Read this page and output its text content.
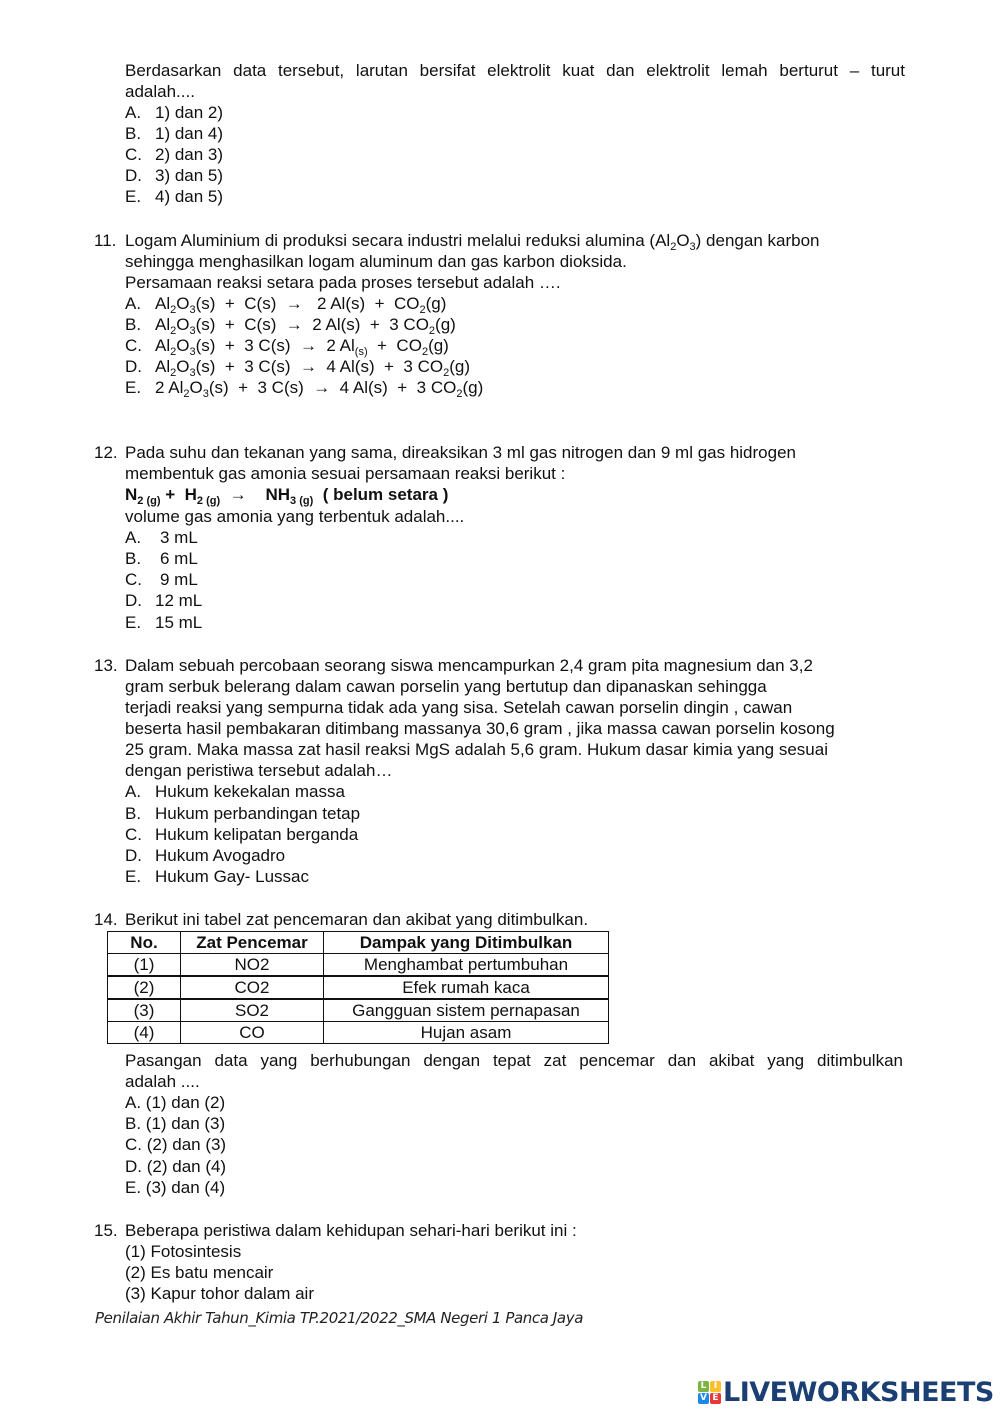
Berdasarkan data tersebut, larutan bersifat elektrolit kuat dan elektrolit lemah berturut – turut
adalah....
A. 1) dan 2)
B. 1) dan 4)
C. 2) dan 3)
D. 3) dan 5)
E. 4) dan 5)
11. Logam Aluminium di produksi secara industri melalui reduksi alumina $(Al_2O_3)$ dengan karbon
sehingga menghasilkan logam aluminum dan gas karbon dioksida.
Persamaan reaksi setara pada proses tersebut adalah ….
A. $Al_2O_3(s) + C(s) \to 2$ $Al(s) + CO_2(g)$
B. $Al_2O_3(s) + C(s) \to 2$ Al(s)  +  3 $CO_2(g)$
C. $Al_2O_3(s) + 3$ C(s)  →  2 $Al_{(s)} + CO_2(g)$
D. $Al_2O_3(s) + 3$ C(s)  →  4 Al(s)  +  3 $CO_2(g)$
E. 2 $Al_2O_3(s) + 3$ C(s)  →  4 Al(s)  +  3 $CO_2(g)$
12. Pada suhu dan tekanan yang sama, direaksikan 3 ml gas nitrogen dan 9 ml gas hidrogen
membentuk gas amonia sesuai persamaan reaksi berikut :
$N_{2 (g)} + H_{2 (g)}$ →    $NH_{3 (g)}$ ( belum setara )
volume gas amonia yang terbentuk adalah....
A. 3 mL
B. 6 mL
C. 9 mL
D. 12 mL
E. 15 mL
13. Dalam sebuah percobaan seorang siswa mencampurkan 2,4 gram pita magnesium dan 3,2
gram serbuk belerang dalam cawan porselin yang bertutup dan dipanaskan sehingga
terjadi reaksi yang sempurna tidak ada yang sisa. Setelah cawan porselin dingin , cawan
beserta hasil pembakaran ditimbang massanya 30,6 gram , jika massa cawan porselin kosong
25 gram. Maka massa zat hasil reaksi MgS adalah 5,6 gram. Hukum dasar kimia yang sesuai
dengan peristiwa tersebut adalah…
A. Hukum kekekalan massa
B. Hukum perbandingan tetap
C. Hukum kelipatan berganda
D. Hukum Avogadro
E. Hukum Gay- Lussac
14. Berikut ini tabel zat pencemaran dan akibat yang ditimbulkan.
No.	Zat Pencemar	Dampak yang Ditimbulkan
(1)	NO2	Menghambat pertumbuhan
(2)	CO2	Efek rumah kaca
(3)	SO2	Gangguan sistem pernapasan
(4)	CO	Hujan asam
Pasangan data yang berhubungan dengan tepat zat pencemar dan akibat yang ditimbulkan
adalah ....
A. (1) dan (2)
B. (1) dan (3)
C. (2) dan (3)
D. (2) dan (4)
E. (3) dan (4)
15. Beberapa peristiwa dalam kehidupan sehari-hari berikut ini :
(1) Fotosintesis
(2) Es batu mencair
(3) Kapur tohor dalam air
Penilaian Akhir Tahun_Kimia TP.2021/2022_SMA Negeri 1 Panca Jaya
L I
V E LIVEWORKSHEETS
